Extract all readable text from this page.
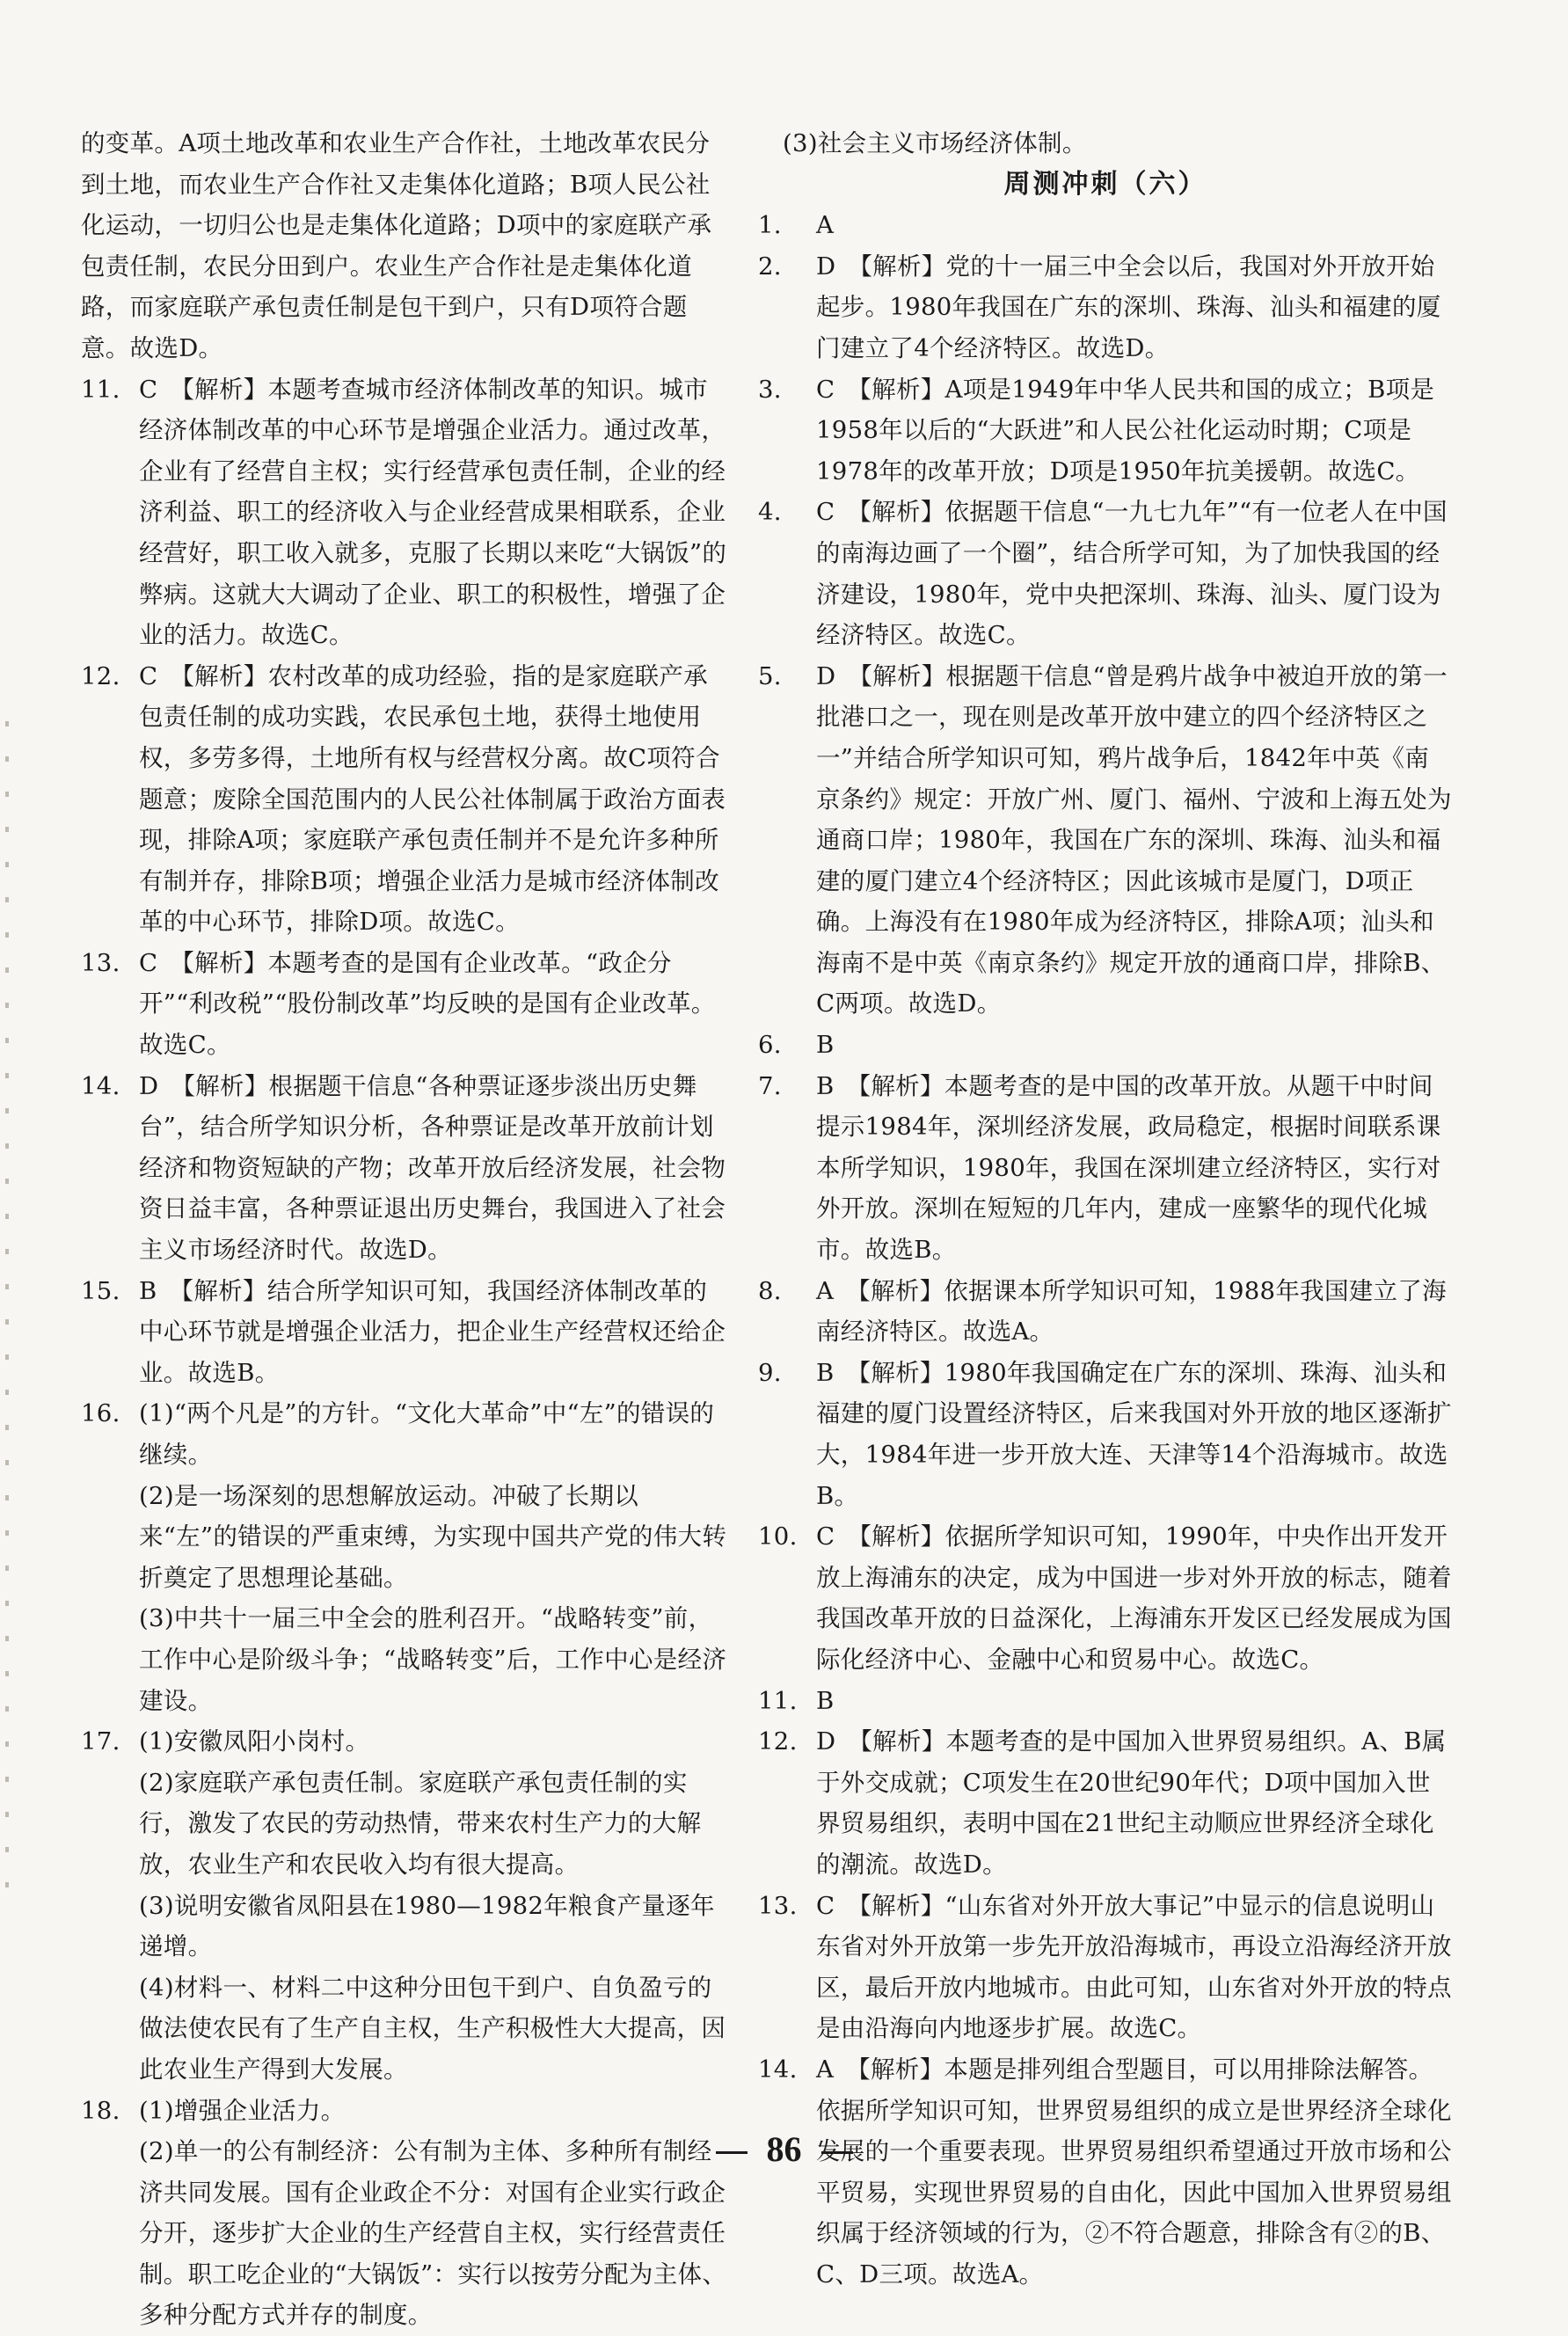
的变革。A项土地改革和农业生产合作社，土地改革农民分到土地，而农业生产合作社又走集体化道路；B项人民公社化运动，一切归公也是走集体化道路；D项中的家庭联产承包责任制，农民分田到户。农业生产合作社是走集体化道路，而家庭联产承包责任制是包干到户，只有D项符合题意。故选D。
11. C 【解析】本题考查城市经济体制改革的知识。城市经济体制改革的中心环节是增强企业活力。通过改革，企业有了经营自主权；实行经营承包责任制，企业的经济利益、职工的经济收入与企业经营成果相联系，企业经营好，职工收入就多，克服了长期以来吃“大锅饭”的弊病。这就大大调动了企业、职工的积极性，增强了企业的活力。故选C。
12. C 【解析】农村改革的成功经验，指的是家庭联产承包责任制的成功实践，农民承包土地，获得土地使用权，多劳多得，土地所有权与经营权分离。故C项符合题意；废除全国范围内的人民公社体制属于政治方面表现，排除A项；家庭联产承包责任制并不是允许多种所有制并存，排除B项；增强企业活力是城市经济体制改革的中心环节，排除D项。故选C。
13. C 【解析】本题考查的是国有企业改革。“政企分开”“利改税”“股份制改革”均反映的是国有企业改革。故选C。
14. D 【解析】根据题干信息“各种票证逐步淡出历史舞台”，结合所学知识分析，各种票证是改革开放前计划经济和物资短缺的产物；改革开放后经济发展，社会物资日益丰富，各种票证退出历史舞台，我国进入了社会主义市场经济时代。故选D。
15. B 【解析】结合所学知识可知，我国经济体制改革的中心环节就是增强企业活力，把企业生产经营权还给企业。故选B。
16. (1)“两个凡是”的方针。“文化大革命”中“左”的错误的继续。
(2)是一场深刻的思想解放运动。冲破了长期以来“左”的错误的严重束缚，为实现中国共产党的伟大转折奠定了思想理论基础。
(3)中共十一届三中全会的胜利召开。“战略转变”前，工作中心是阶级斗争；“战略转变”后，工作中心是经济建设。
17. (1)安徽凤阳小岗村。
(2)家庭联产承包责任制。家庭联产承包责任制的实行，激发了农民的劳动热情，带来农村生产力的大解放，农业生产和农民收入均有很大提高。
(3)说明安徽省凤阳县在1980—1982年粮食产量逐年递增。
(4)材料一、材料二中这种分田包干到户、自负盈亏的做法使农民有了生产自主权，生产积极性大大提高，因此农业生产得到大发展。
18. (1)增强企业活力。
(2)单一的公有制经济：公有制为主体、多种所有制经济共同发展。国有企业政企不分：对国有企业实行政企分开，逐步扩大企业的生产经营自主权，实行经营责任制。职工吃企业的“大锅饭”：实行以按劳分配为主体、多种分配方式并存的制度。
(3)社会主义市场经济体制。
周测冲刺（六）
1. A
2. D 【解析】党的十一届三中全会以后，我国对外开放开始起步。1980年我国在广东的深圳、珠海、汕头和福建的厦门建立了4个经济特区。故选D。
3. C 【解析】A项是1949年中华人民共和国的成立；B项是1958年以后的“大跃进”和人民公社化运动时期；C项是1978年的改革开放；D项是1950年抗美援朝。故选C。
4. C 【解析】依据题干信息“一九七九年”“有一位老人在中国的南海边画了一个圈”，结合所学可知，为了加快我国的经济建设，1980年，党中央把深圳、珠海、汕头、厦门设为经济特区。故选C。
5. D 【解析】根据题干信息“曾是鸦片战争中被迫开放的第一批港口之一，现在则是改革开放中建立的四个经济特区之一”并结合所学知识可知，鸦片战争后，1842年中英《南京条约》规定：开放广州、厦门、福州、宁波和上海五处为通商口岸；1980年，我国在广东的深圳、珠海、汕头和福建的厦门建立4个经济特区；因此该城市是厦门，D项正确。上海没有在1980年成为经济特区，排除A项；汕头和海南不是中英《南京条约》规定开放的通商口岸，排除B、C两项。故选D。
6. B
7. B 【解析】本题考查的是中国的改革开放。从题干中时间提示1984年，深圳经济发展，政局稳定，根据时间联系课本所学知识，1980年，我国在深圳建立经济特区，实行对外开放。深圳在短短的几年内，建成一座繁华的现代化城市。故选B。
8. A 【解析】依据课本所学知识可知，1988年我国建立了海南经济特区。故选A。
9. B 【解析】1980年我国确定在广东的深圳、珠海、汕头和福建的厦门设置经济特区，后来我国对外开放的地区逐渐扩大，1984年进一步开放大连、天津等14个沿海城市。故选B。
10. C 【解析】依据所学知识可知，1990年，中央作出开发开放上海浦东的决定，成为中国进一步对外开放的标志，随着我国改革开放的日益深化，上海浦东开发区已经发展成为国际化经济中心、金融中心和贸易中心。故选C。
11. B
12. D 【解析】本题考查的是中国加入世界贸易组织。A、B属于外交成就；C项发生在20世纪90年代；D项中国加入世界贸易组织，表明中国在21世纪主动顺应世界经济全球化的潮流。故选D。
13. C 【解析】“山东省对外开放大事记”中显示的信息说明山东省对外开放第一步先开放沿海城市，再设立沿海经济开放区，最后开放内地城市。由此可知，山东省对外开放的特点是由沿海向内地逐步扩展。故选C。
14. A 【解析】本题是排列组合型题目，可以用排除法解答。依据所学知识可知，世界贸易组织的成立是世界经济全球化发展的一个重要表现。世界贸易组织希望通过开放市场和公平贸易，实现世界贸易的自由化，因此中国加入世界贸易组织属于经济领域的行为，②不符合题意，排除含有②的B、C、D三项。故选A。
86
